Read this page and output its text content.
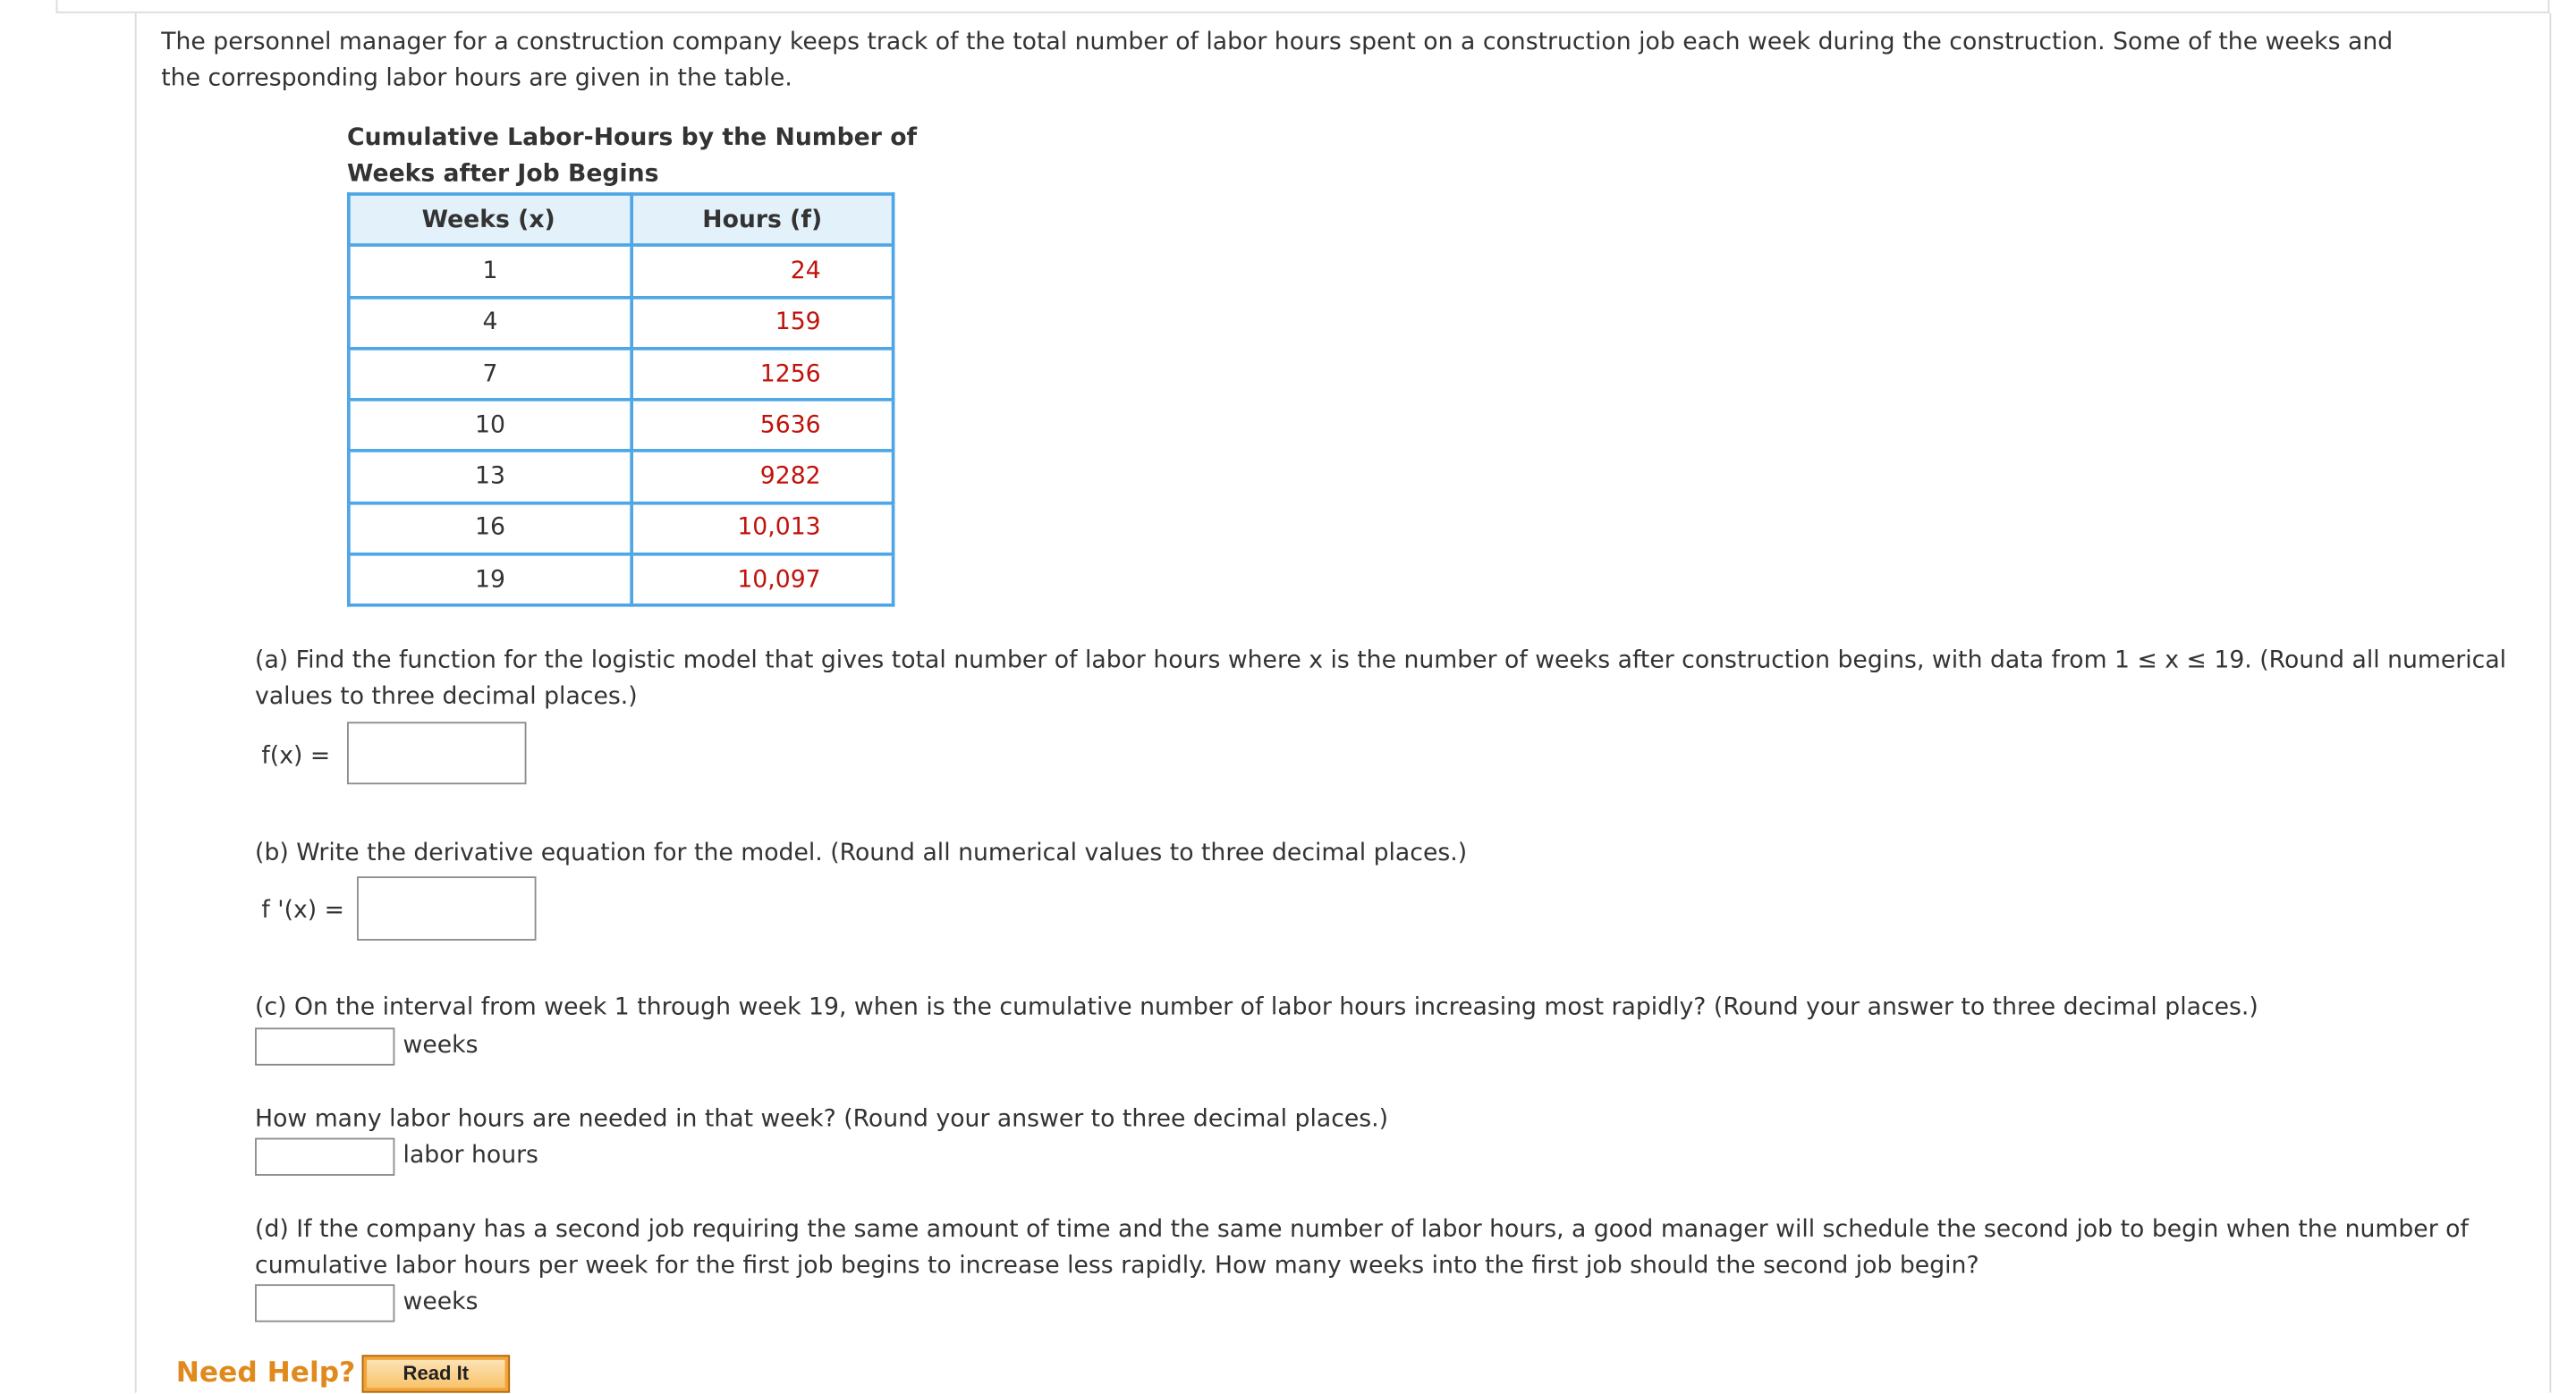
The personnel manager for a construction company keeps track of the total number of labor hours spent on a construction job each week during the construction. Some of the weeks and the corresponding labor hours are given in the table.
Cumulative Labor-Hours by the Number of Weeks after Job Begins
Weeks (x)	Hours (f)
1	24
4	159
7	1256
10	5636
13	9282
16	10,013
19	10,097
(a) Find the function for the logistic model that gives total number of labor hours where x is the number of weeks after construction begins, with data from 1 ≤ x ≤ 19. (Round all numerical
values to three decimal places.)
f(x) =
(b) Write the derivative equation for the model. (Round all numerical values to three decimal places.)
f '(x) =
(c) On the interval from week 1 through week 19, when is the cumulative number of labor hours increasing most rapidly? (Round your answer to three decimal places.)
weeks
How many labor hours are needed in that week? (Round your answer to three decimal places.)
labor hours
(d) If the company has a second job requiring the same amount of time and the same number of labor hours, a good manager will schedule the second job to begin when the number of
cumulative labor hours per week for the first job begins to increase less rapidly. How many weeks into the first job should the second job begin?
weeks
Need Help?	Read It
